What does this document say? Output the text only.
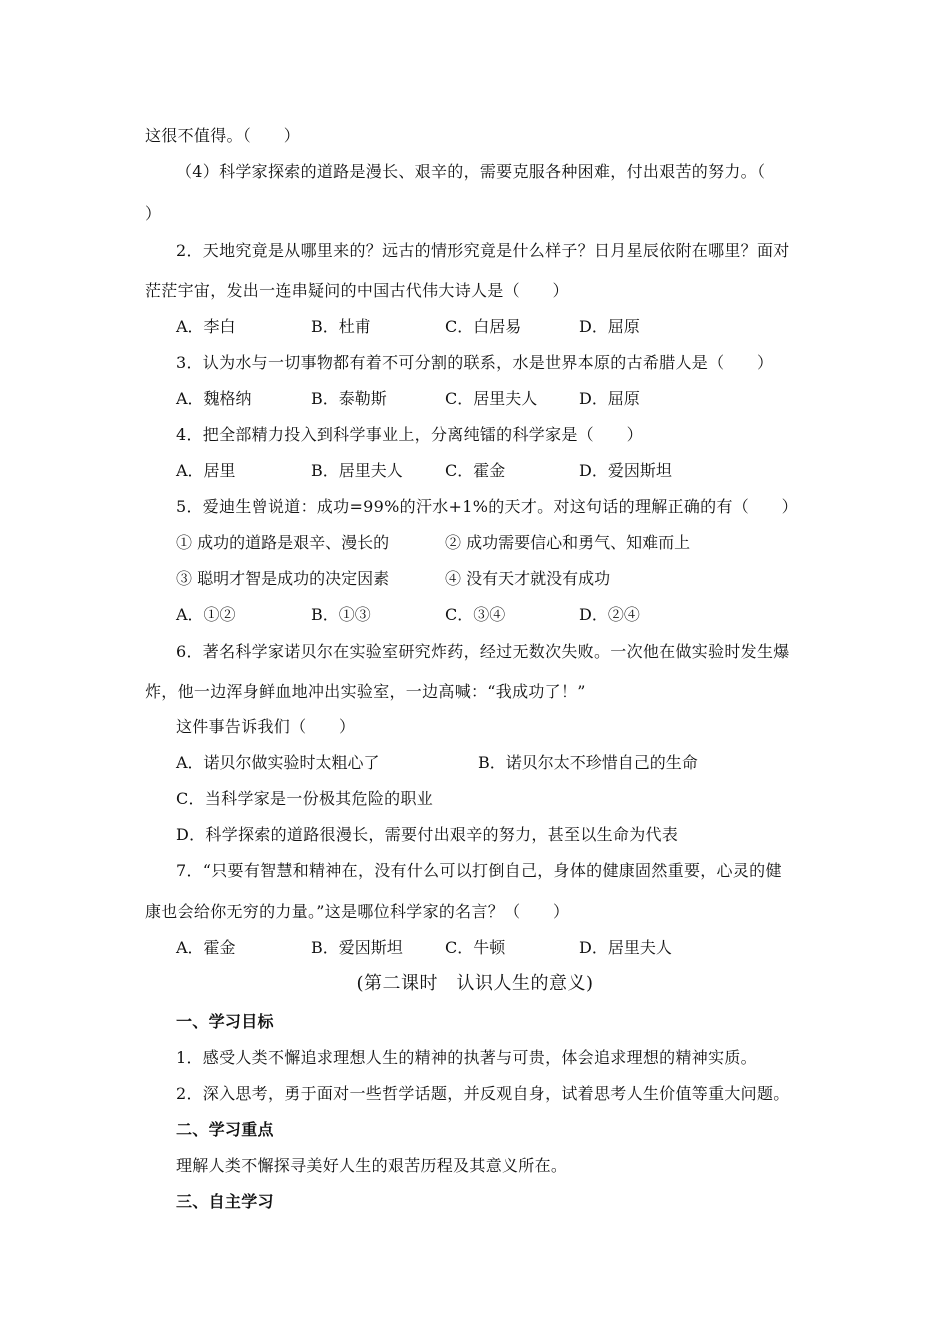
这很不值得。（　　）
（4）科学家探索的道路是漫长、艰辛的，需要克服各种困难，付出艰苦的努力。（
）
2．天地究竟是从哪里来的？远古的情形究竟是什么样子？日月星辰依附在哪里？面对
茫茫宇宙，发出一连串疑问的中国古代伟大诗人是（　　）
A．李白	B．杜甫	C．白居易	D．屈原
3．认为水与一切事物都有着不可分割的联系，水是世界本原的古希腊人是（　　）
A．魏格纳	B．泰勒斯	C．居里夫人	D．屈原
4．把全部精力投入到科学事业上，分离纯镭的科学家是（　　）
A．居里	B．居里夫人	C．霍金	D．爱因斯坦
5．爱迪生曾说道：成功=99%的汗水+1%的天才。对这句话的理解正确的有（　　）
① 成功的道路是艰辛、漫长的	② 成功需要信心和勇气、知难而上
③ 聪明才智是成功的决定因素	④ 没有天才就没有成功
A．①②	B．①③	C．③④	D．②④
6．著名科学家诺贝尔在实验室研究炸药，经过无数次失败。一次他在做实验时发生爆
炸，他一边浑身鲜血地冲出实验室，一边高喊：“我成功了！”
这件事告诉我们（　　）
A．诺贝尔做实验时太粗心了	B．诺贝尔太不珍惜自己的生命
C．当科学家是一份极其危险的职业
D．科学探索的道路很漫长，需要付出艰辛的努力，甚至以生命为代表
7．“只要有智慧和精神在，没有什么可以打倒自己，身体的健康固然重要，心灵的健
康也会给你无穷的力量。”这是哪位科学家的名言？（　　）
A．霍金	B．爱因斯坦	C．牛顿	D．居里夫人
(第二课时　认识人生的意义)
一、学习目标
1．感受人类不懈追求理想人生的精神的执著与可贵，体会追求理想的精神实质。
2．深入思考，勇于面对一些哲学话题，并反观自身，试着思考人生价值等重大问题。
二、学习重点
理解人类不懈探寻美好人生的艰苦历程及其意义所在。
三、自主学习
